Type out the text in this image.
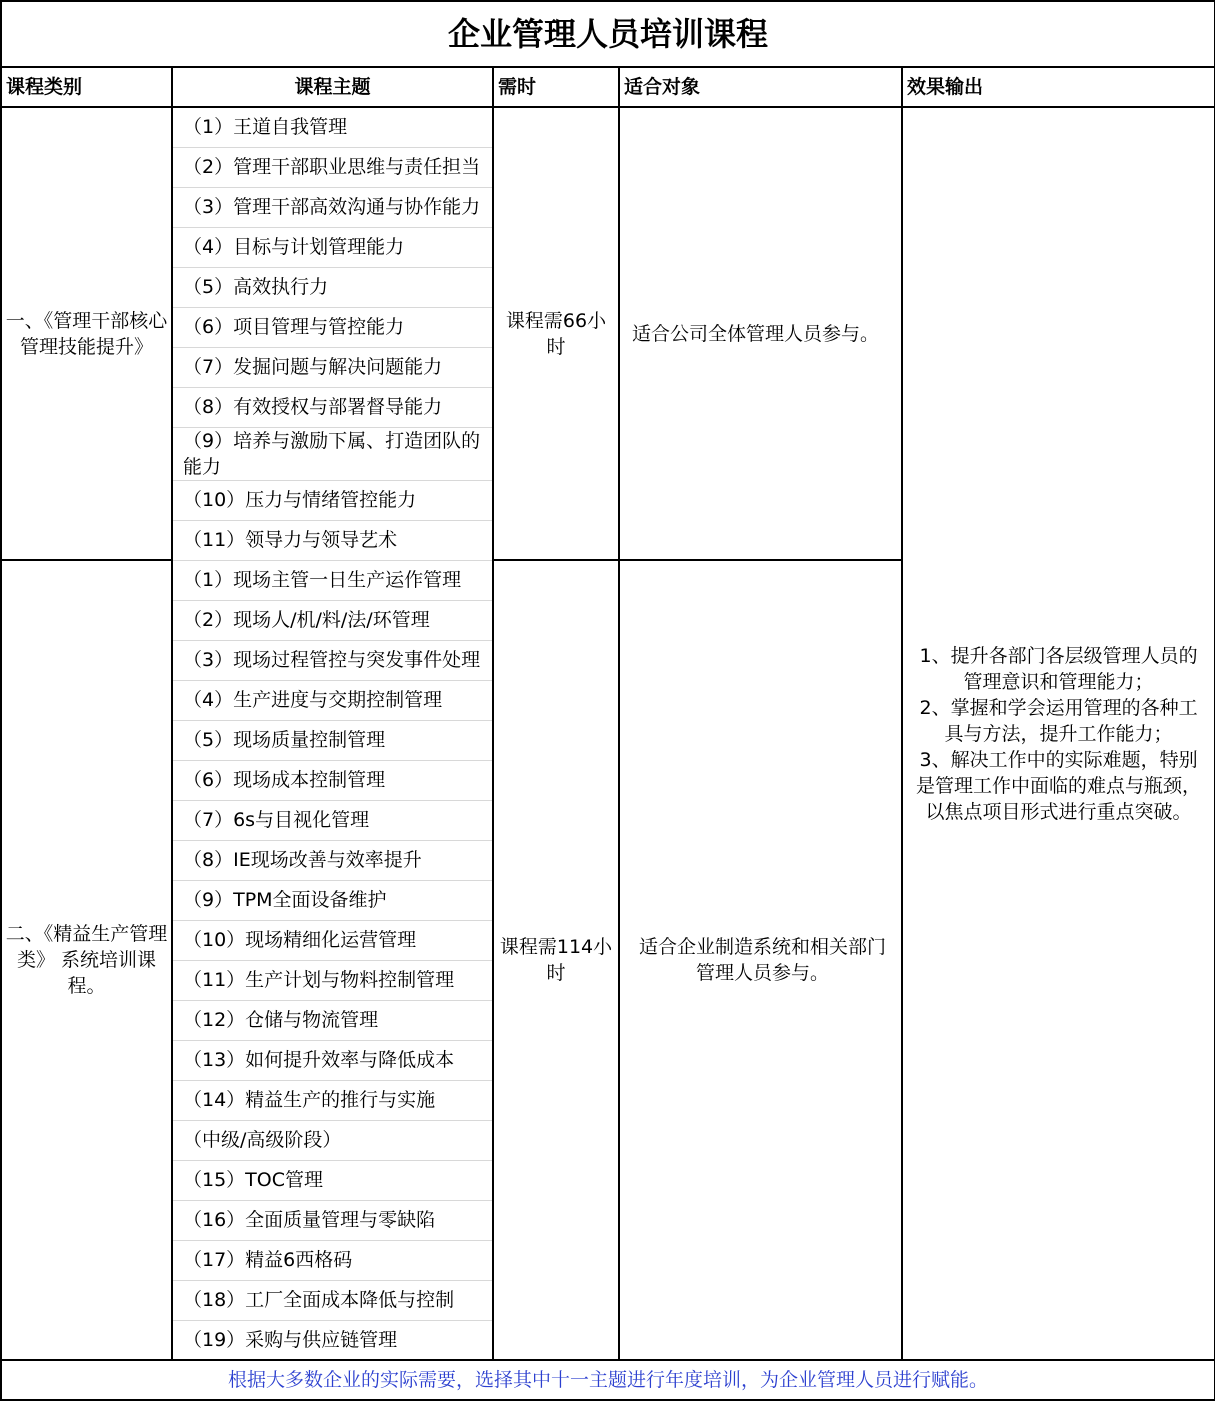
企业管理人员培训课程				
课程类别	课程主题	需时	适合对象	效果输出
一、《管理干部核心管理技能提升》	（1）王道自我管理	课程需66小时	适合公司全体管理人员参与。	1、提升各部门各层级管理人员的管理意识和管理能力；
2、掌握和学会运用管理的各种工具与方法，提升工作能力；
3、解决工作中的实际难题，特别是管理工作中面临的难点与瓶颈，以焦点项目形式进行重点突破。

	（2）管理干部职业思维与责任担当			
	（3）管理干部高效沟通与协作能力			
	（4）目标与计划管理能力			
	（5）高效执行力			
	（6）项目管理与管控能力			
	（7）发掘问题与解决问题能力			
	（8）有效授权与部署督导能力			
	（9）培养与激励下属、打造团队的能力			
	（10）压力与情绪管控能力			
	（11）领导力与领导艺术			
二、《精益生产管理类》 系统培训课程。	（1）现场主管一日生产运作管理	课程需114小时	适合企业制造系统和相关部门管理人员参与。	
	（2）现场人/机/料/法/环管理			
	（3）现场过程管控与突发事件处理			
	（4）生产进度与交期控制管理			
	（5）现场质量控制管理			
	（6）现场成本控制管理			
	（7）6s与目视化管理			
	（8）IE现场改善与效率提升			
	（9）TPM全面设备维护			
	（10）现场精细化运营管理			
	（11）生产计划与物料控制管理			
	（12）仓储与物流管理			
	（13）如何提升效率与降低成本			
	（14）精益生产的推行与实施			
	（中级/高级阶段）			
	（15）TOC管理			
	（16）全面质量管理与零缺陷			
	（17）精益6西格码			
	（18）工厂全面成本降低与控制			
	（19）采购与供应链管理			
根据大多数企业的实际需要，选择其中十一主题进行年度培训，为企业管理人员进行赋能。				
